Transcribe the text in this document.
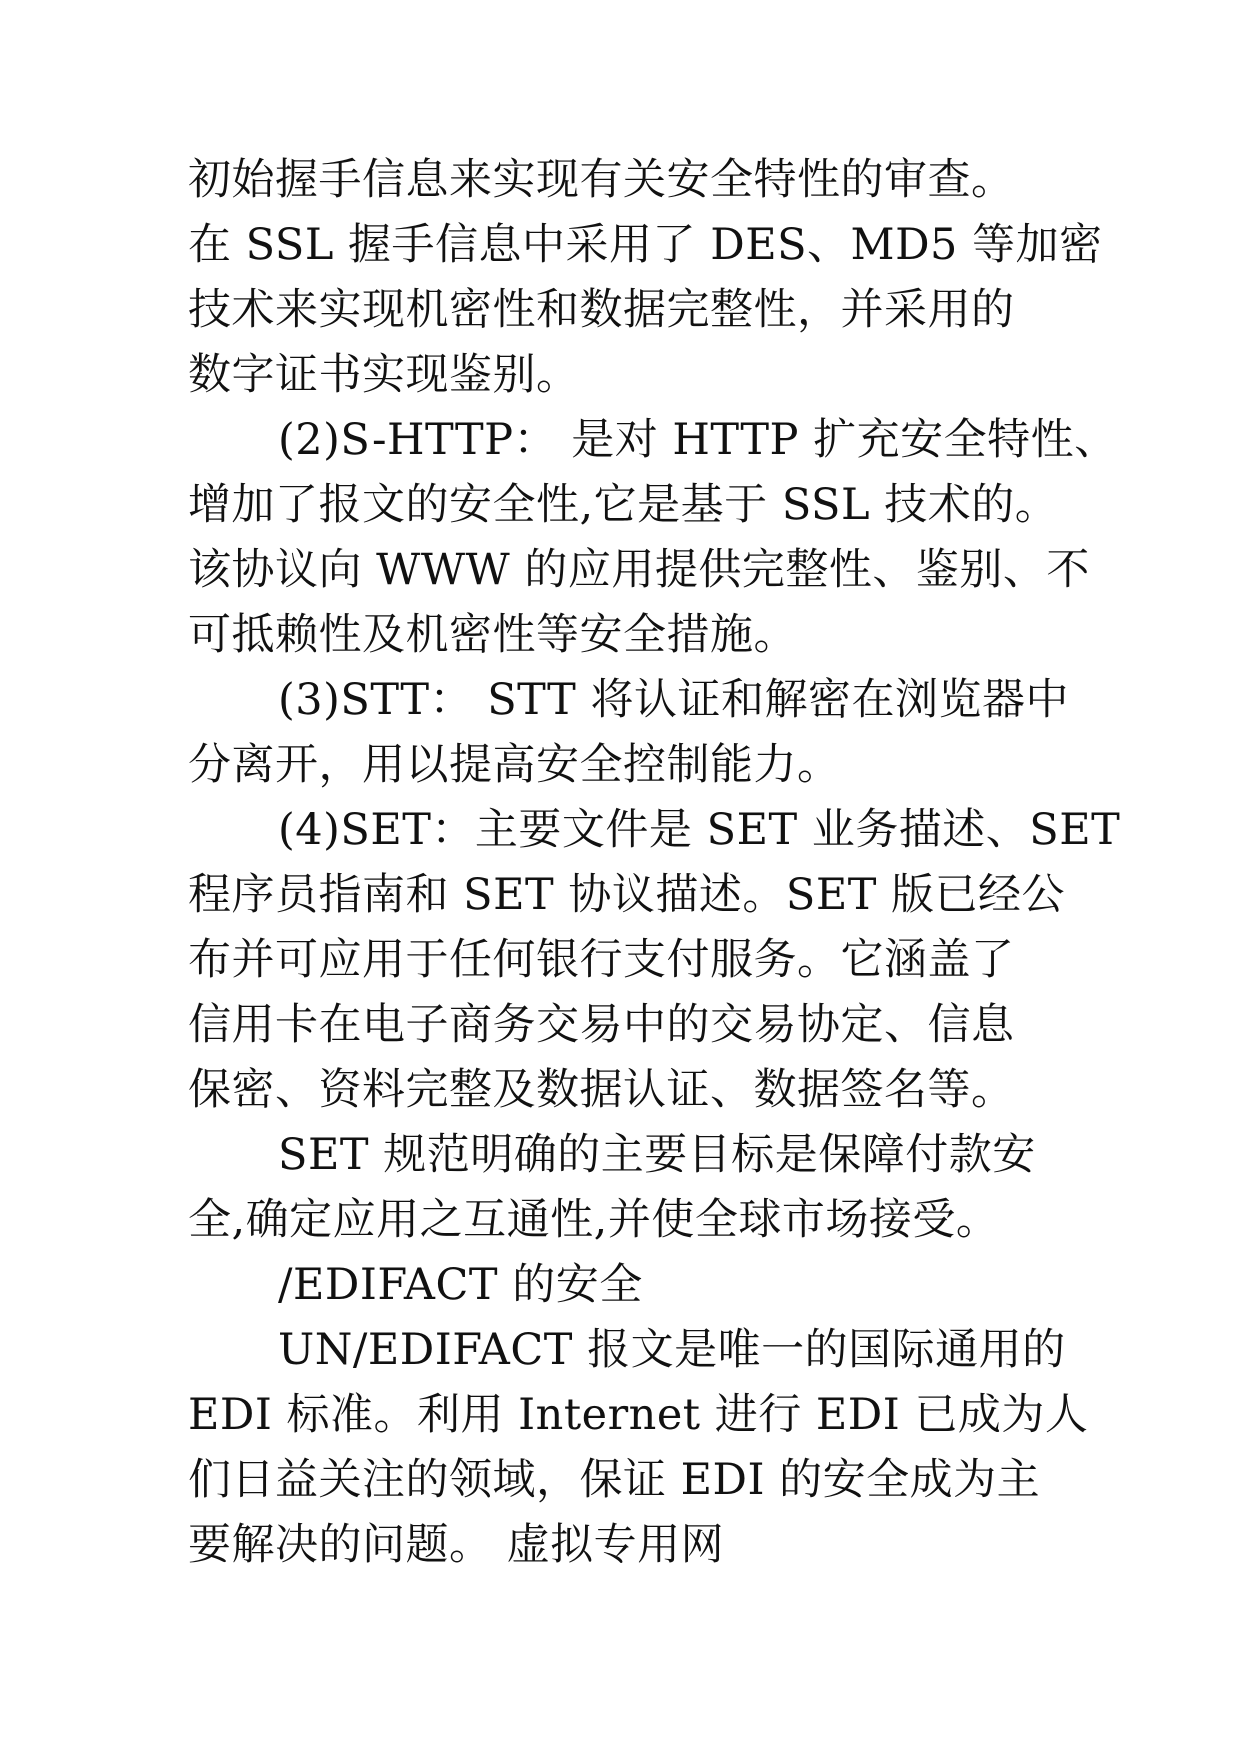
初始握手信息来实现有关安全特性的审查。
在 SSL 握手信息中采用了 DES、MD5 等加密
技术来实现机密性和数据完整性，并采用的
数字证书实现鉴别。
(2)S-HTTP： 是对 HTTP 扩充安全特性、
增加了报文的安全性,它是基于 SSL 技术的。
该协议向 WWW 的应用提供完整性、鉴别、不
可抵赖性及机密性等安全措施。
(3)STT： STT 将认证和解密在浏览器中
分离开，用以提高安全控制能力。
(4)SET：主要文件是 SET 业务描述、SET
程序员指南和 SET 协议描述。SET 版已经公
布并可应用于任何银行支付服务。它涵盖了
信用卡在电子商务交易中的交易协定、信息
保密、资料完整及数据认证、数据签名等。
SET 规范明确的主要目标是保障付款安
全,确定应用之互通性,并使全球市场接受。
/EDIFACT 的安全
UN/EDIFACT 报文是唯一的国际通用的
EDI 标准。利用 Internet 进行 EDI 已成为人
们日益关注的领域，保证 EDI 的安全成为主
要解决的问题。 虚拟专用网
